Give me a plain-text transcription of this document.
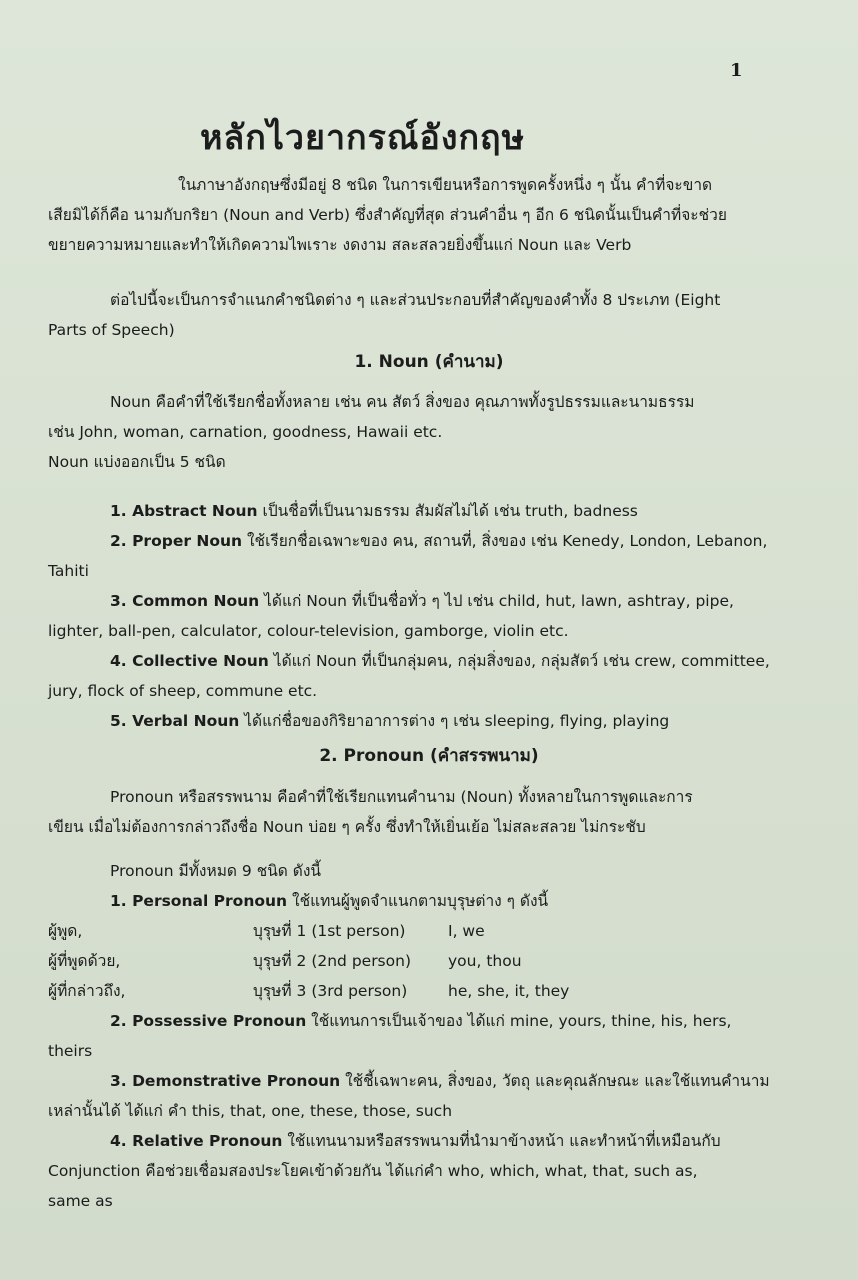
1
หลักไวยากรณ์อังกฤษ
ในภาษาอังกฤษซึ่งมีอยู่ 8 ชนิด ในการเขียนหรือการพูดครั้งหนึ่ง ๆ นั้น คำที่จะขาด
เสียมิได้ก็คือ นามกับกริยา (Noun and Verb) ซึ่งสำคัญที่สุด ส่วนคำอื่น ๆ อีก 6 ชนิดนั้นเป็นคำที่จะช่วย
ขยายความหมายและทำให้เกิดความไพเราะ งดงาม สละสลวยยิ่งขึ้นแก่ Noun และ Verb
ต่อไปนี้จะเป็นการจำแนกคำชนิดต่าง ๆ และส่วนประกอบที่สำคัญของคำทั้ง 8 ประเภท (Eight
Parts of Speech)
1. Noun (คำนาม)
Noun คือคำที่ใช้เรียกชื่อทั้งหลาย เช่น คน สัตว์ สิ่งของ คุณภาพทั้งรูปธรรมและนามธรรม
เช่น John, woman, carnation, goodness, Hawaii etc.
Noun แบ่งออกเป็น 5 ชนิด
1. Abstract Noun เป็นชื่อที่เป็นนามธรรม สัมผัสไม่ได้ เช่น truth, badness
2. Proper Noun ใช้เรียกชื่อเฉพาะของ คน, สถานที่, สิ่งของ เช่น Kenedy, London, Lebanon,
Tahiti
3. Common Noun ได้แก่ Noun ที่เป็นชื่อทั่ว ๆ ไป เช่น child, hut, lawn, ashtray, pipe,
lighter, ball-pen, calculator, colour-television, gamborge, violin etc.
4. Collective Noun ได้แก่ Noun ที่เป็นกลุ่มคน, กลุ่มสิ่งของ, กลุ่มสัตว์ เช่น crew, committee,
jury, flock of sheep, commune etc.
5. Verbal Noun ได้แก่ชื่อของกิริยาอาการต่าง ๆ เช่น sleeping, flying, playing
2. Pronoun (คำสรรพนาม)
Pronoun หรือสรรพนาม คือคำที่ใช้เรียกแทนคำนาม (Noun) ทั้งหลายในการพูดและการ
เขียน เมื่อไม่ต้องการกล่าวถึงชื่อ Noun บ่อย ๆ ครั้ง ซึ่งทำให้เยิ่นเย้อ ไม่สละสลวย ไม่กระชับ
Pronoun มีทั้งหมด 9 ชนิด ดังนี้
1. Personal Pronoun ใช้แทนผู้พูดจำแนกตามบุรุษต่าง ๆ ดังนี้
ผู้พูด,	บุรุษที่ 1 (1st person)	I, we
ผู้ที่พูดด้วย,	บุรุษที่ 2 (2nd person)	you, thou
ผู้ที่กล่าวถึง,	บุรุษที่ 3 (3rd person)	he, she, it, they
2. Possessive Pronoun ใช้แทนการเป็นเจ้าของ ได้แก่ mine, yours, thine, his, hers,
theirs
3. Demonstrative Pronoun ใช้ชี้เฉพาะคน, สิ่งของ, วัตถุ และคุณลักษณะ และใช้แทนคำนาม
เหล่านั้นได้ ได้แก่ คำ this, that, one, these, those, such
4. Relative Pronoun ใช้แทนนามหรือสรรพนามที่นำมาข้างหน้า และทำหน้าที่เหมือนกับ
Conjunction คือช่วยเชื่อมสองประโยคเข้าด้วยกัน ได้แก่คำ who, which, what, that, such as,
same as
